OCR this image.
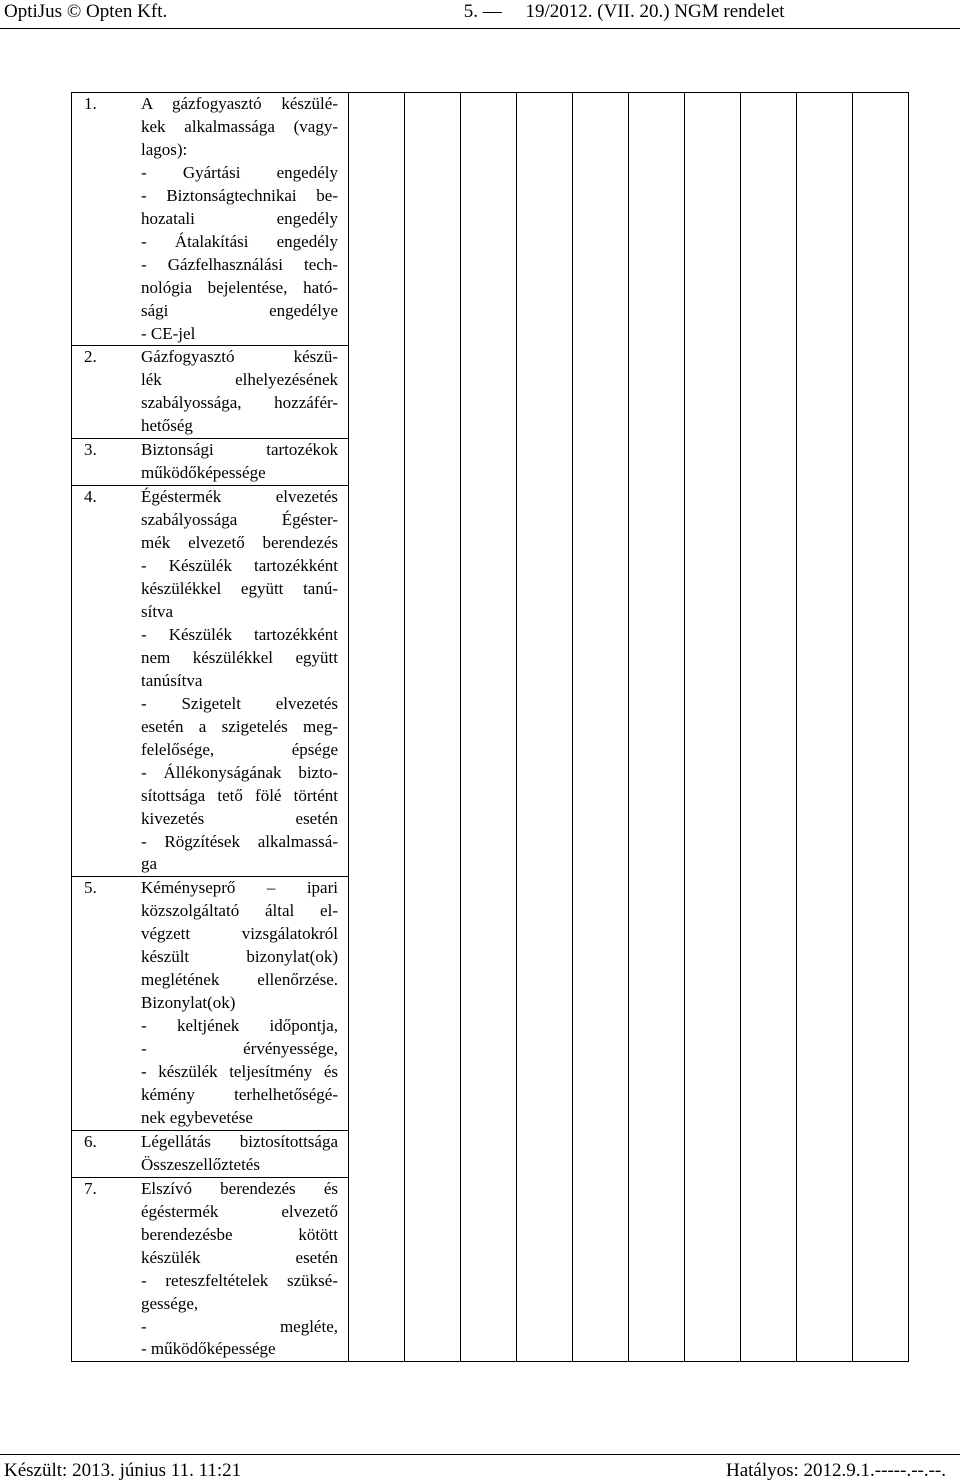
OptiJus © Opten Kft.	5. —     19/2012. (VII. 20.) NGM rendelet
1.	A gázfogyasztó készülé-
kek alkalmassága (vagy-
lagos):
- Gyártási engedély
- Biztonságtechnikai be-
hozatali engedély
- Átalakítási engedély
- Gázfelhasználási tech-
nológia bejelentése, ható-
sági engedélye
- CE-jel
2.	Gázfogyasztó készü-
lék elhelyezésének
szabályossága, hozzáfér-
hetőség
3.	Biztonsági tartozékok
működőképessége
4.	Égéstermék elvezetés
szabályossága Égéster-
mék elvezető berendezés
- Készülék tartozékként
készülékkel együtt tanú-
sítva
- Készülék tartozékként
nem készülékkel együtt
tanúsítva
- Szigetelt elvezetés
esetén a szigetelés meg-
felelősége, épsége
- Állékonyságának bizto-
sítottsága tető fölé történt
kivezetés esetén
- Rögzítések alkalmassá-
ga
5.	Kéményseprő – ipari
közszolgáltató által el-
végzett vizsgálatokról
készült bizonylat(ok)
meglétének ellenőrzése.
Bizonylat(ok)
- keltjének időpontja,
- érvényessége,
- készülék teljesítmény és
kémény terhelhetőségé-
nek egybevetése
6.	Légellátás biztosítottsága
Összeszellőztetés
7.	Elszívó berendezés és
égéstermék elvezető
berendezésbe kötött
készülék esetén
- reteszfeltételek szüksé-
gessége,
- megléte,
- működőképessége

Készült: 2013. június 11. 11:21	Hatályos: 2012.9.1.-----.--.--.
